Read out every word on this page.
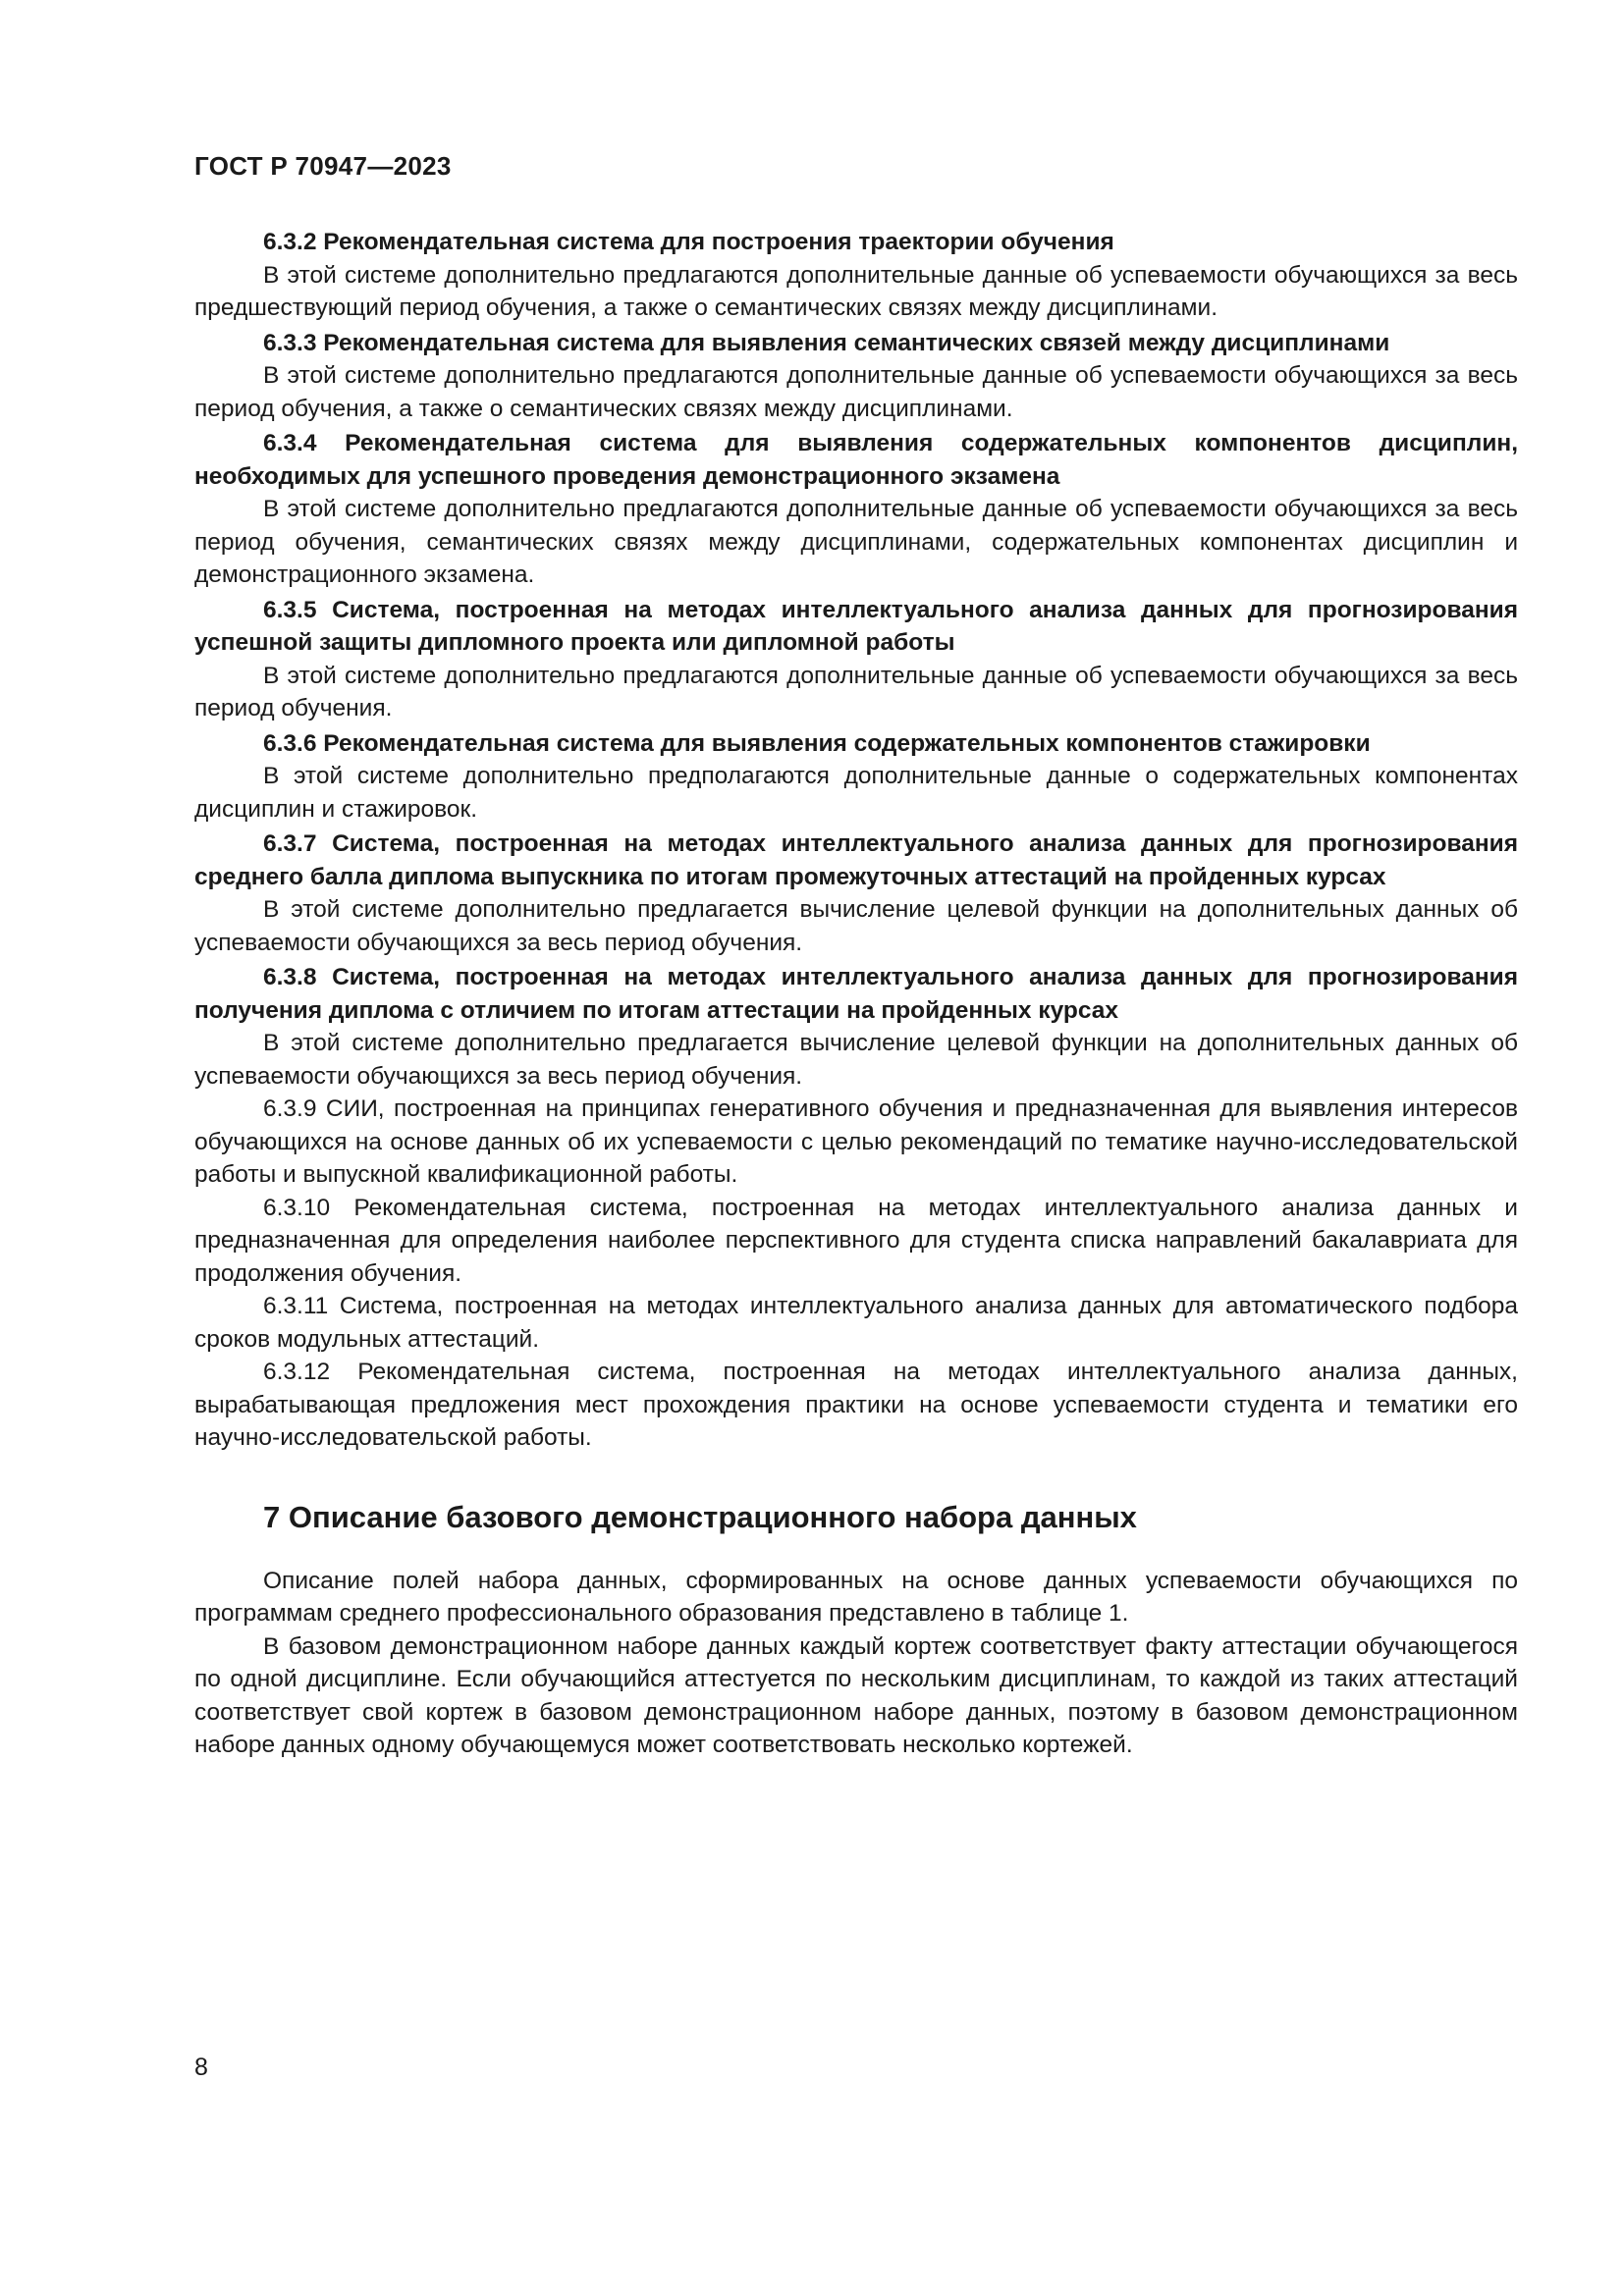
ГОСТ Р 70947—2023

6.3.2 Рекомендательная система для построения траектории обучения

В этой системе дополнительно предлагаются дополнительные данные об успеваемости обучающихся за весь предшествующий период обучения, а также о семантических связях между дисциплинами.

6.3.3 Рекомендательная система для выявления семантических связей между дисциплинами

В этой системе дополнительно предлагаются дополнительные данные об успеваемости обучающихся за весь период обучения, а также о семантических связях между дисциплинами.

6.3.4 Рекомендательная система для выявления содержательных компонентов дисциплин, необходимых для успешного проведения демонстрационного экзамена

В этой системе дополнительно предлагаются дополнительные данные об успеваемости обучающихся за весь период обучения, семантических связях между дисциплинами, содержательных компонентах дисциплин и демонстрационного экзамена.

6.3.5 Система, построенная на методах интеллектуального анализа данных для прогнозирования успешной защиты дипломного проекта или дипломной работы

В этой системе дополнительно предлагаются дополнительные данные об успеваемости обучающихся за весь период обучения.

6.3.6 Рекомендательная система для выявления содержательных компонентов стажировки

В этой системе дополнительно предполагаются дополнительные данные о содержательных компонентах дисциплин и стажировок.

6.3.7 Система, построенная на методах интеллектуального анализа данных для прогнозирования среднего балла диплома выпускника по итогам промежуточных аттестаций на пройденных курсах

В этой системе дополнительно предлагается вычисление целевой функции на дополнительных данных об успеваемости обучающихся за весь период обучения.

6.3.8 Система, построенная на методах интеллектуального анализа данных для прогнозирования получения диплома с отличием по итогам аттестации на пройденных курсах

В этой системе дополнительно предлагается вычисление целевой функции на дополнительных данных об успеваемости обучающихся за весь период обучения.

6.3.9 СИИ, построенная на принципах генеративного обучения и предназначенная для выявления интересов обучающихся на основе данных об их успеваемости с целью рекомендаций по тематике научно-исследовательской работы и выпускной квалификационной работы.

6.3.10 Рекомендательная система, построенная на методах интеллектуального анализа данных и предназначенная для определения наиболее перспективного для студента списка направлений бакалавриата для продолжения обучения.

6.3.11 Система, построенная на методах интеллектуального анализа данных для автоматического подбора сроков модульных аттестаций.

6.3.12 Рекомендательная система, построенная на методах интеллектуального анализа данных, вырабатывающая предложения мест прохождения практики на основе успеваемости студента и тематики его научно-исследовательской работы.

7 Описание базового демонстрационного набора данных

Описание полей набора данных, сформированных на основе данных успеваемости обучающихся по программам среднего профессионального образования представлено в таблице 1.

В базовом демонстрационном наборе данных каждый кортеж соответствует факту аттестации обучающегося по одной дисциплине. Если обучающийся аттестуется по нескольким дисциплинам, то каждой из таких аттестаций соответствует свой кортеж в базовом демонстрационном наборе данных, поэтому в базовом демонстрационном наборе данных одному обучающемуся может соответствовать несколько кортежей.

8
